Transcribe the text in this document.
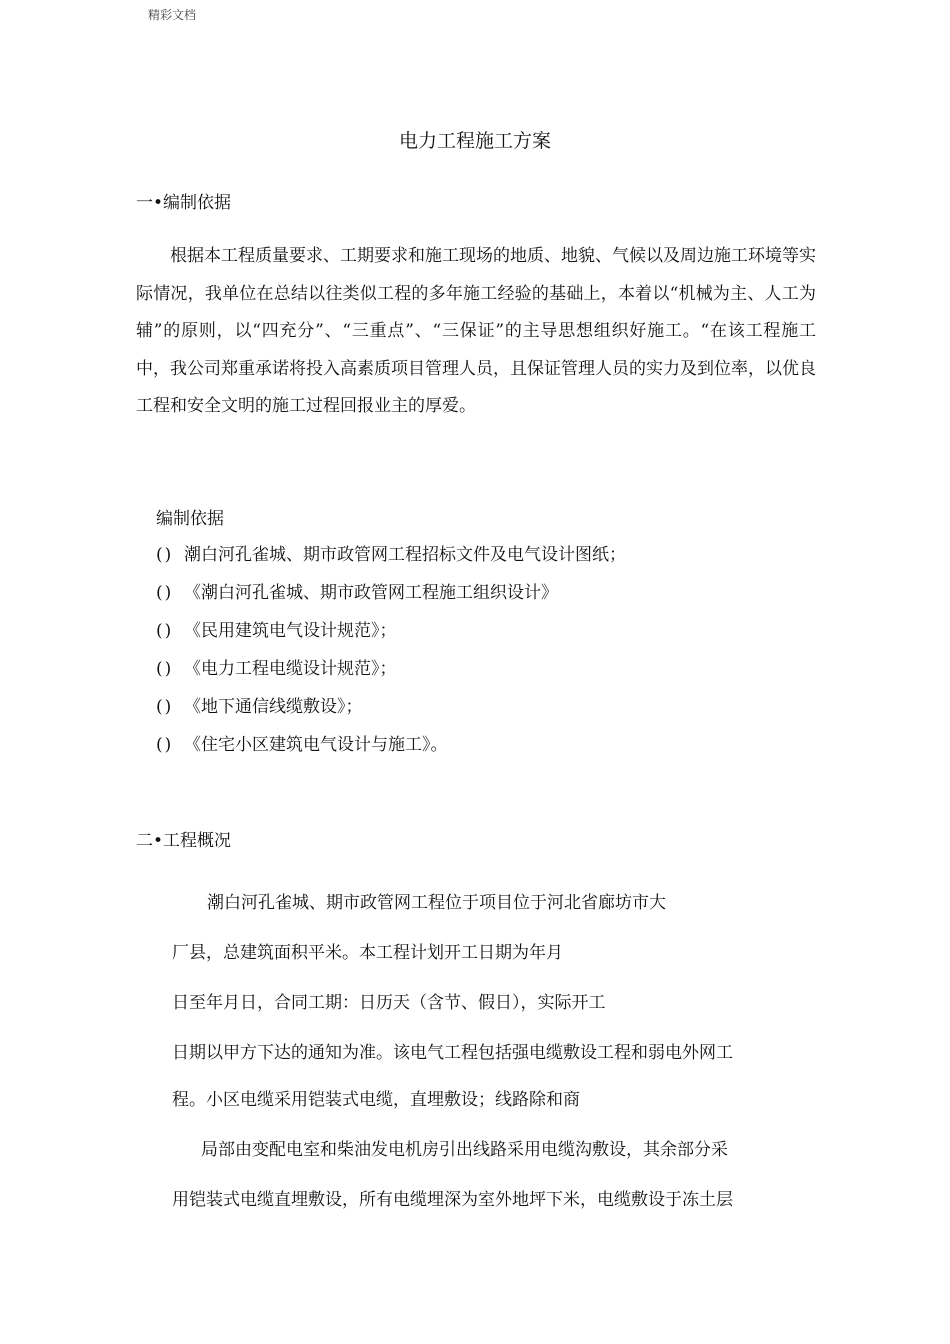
精彩文档
电力工程施工方案
一•编制依据

根据本工程质量要求、工期要求和施工现场的地质、地貌、气候以及周边施工环境等实际情况，我单位在总结以往类似工程的多年施工经验的基础上，本着以“机械为主、人工为辅”的原则，以“四充分”、“三重点”、“三保证”的主导思想组织好施工。“在该工程施工中，我公司郑重承诺将投入高素质项目管理人员，且保证管理人员的实力及到位率，以优良工程和安全文明的施工过程回报业主的厚爱。

编制依据
() 潮白河孔雀城、期市政管网工程招标文件及电气设计图纸；
() 《潮白河孔雀城、期市政管网工程施工组织设计》
() 《民用建筑电气设计规范》；
() 《电力工程电缆设计规范》；
() 《地下通信线缆敷设》；
() 《住宅小区建筑电气设计与施工》。
二•工程概况
潮白河孔雀城、期市政管网工程位于项目位于河北省廊坊市大
厂县，总建筑面积平米。本工程计划开工日期为年月
日至年月日，合同工期：日历天（含节、假日），实际开工
日期以甲方下达的通知为准。该电气工程包括强电缆敷设工程和弱电外网工
程。小区电缆采用铠装式电缆，直埋敷设；线路除和商
局部由变配电室和柴油发电机房引出线路采用电缆沟敷设，其余部分采
用铠装式电缆直埋敷设，所有电缆埋深为室外地坪下米，电缆敷设于冻土层
